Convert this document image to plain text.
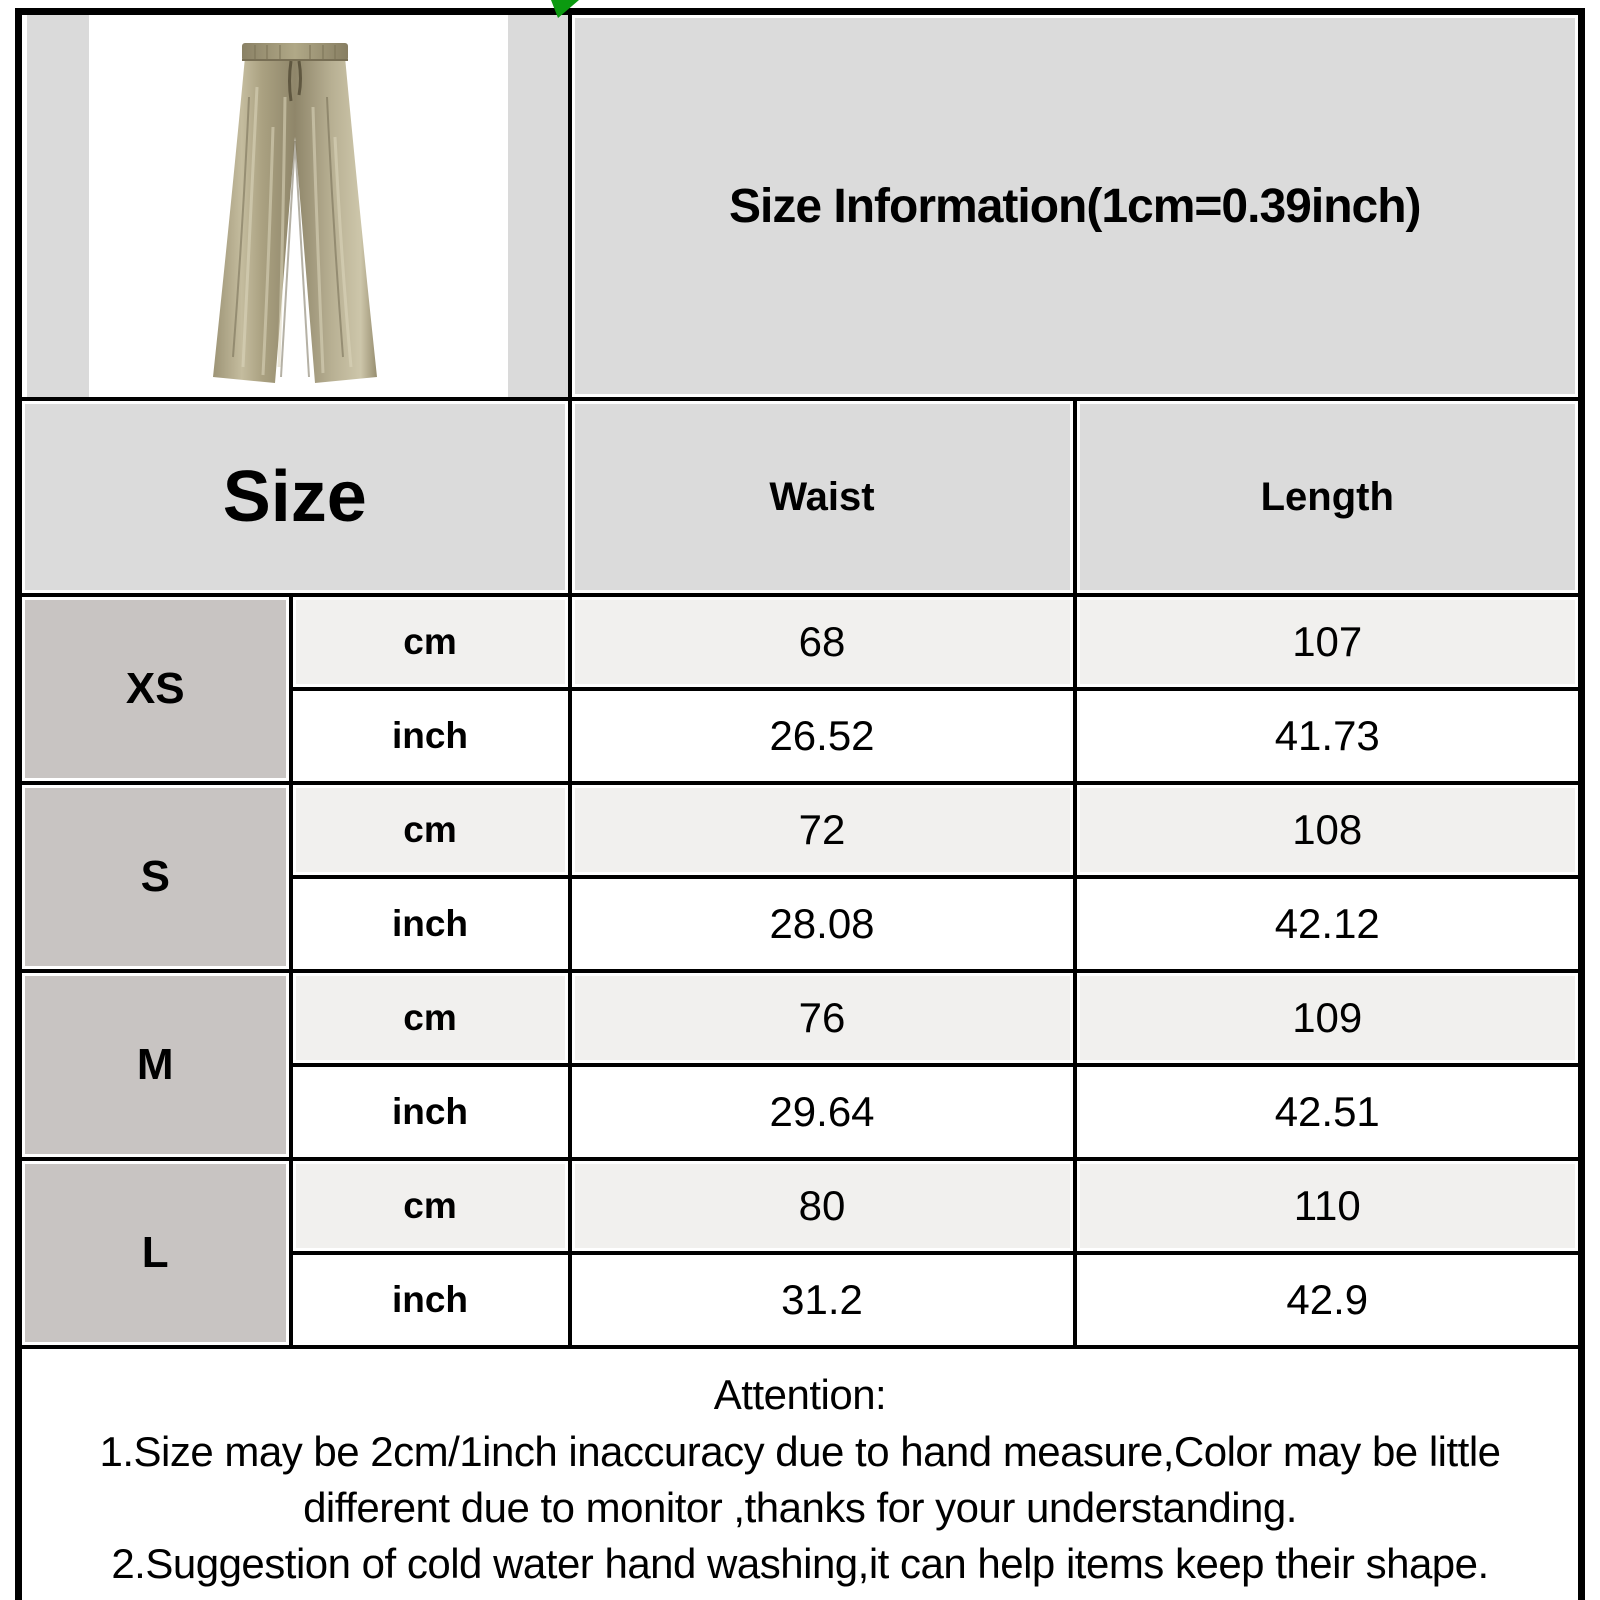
	Size Information(1cm=0.39inch)	
Size		Waist	Length
XS	cm	68	107
	inch	26.52	41.73
S	cm	72	108
	inch	28.08	42.12
M	cm	76	109
	inch	29.64	42.51
L	cm	80	110
	inch	31.2	42.9

Attention:
1.Size may be 2cm/1inch inaccuracy due to hand measure,Color may be little different due to monitor ,thanks for your understanding.
2.Suggestion of cold water hand washing,it can help items keep their shape.			
